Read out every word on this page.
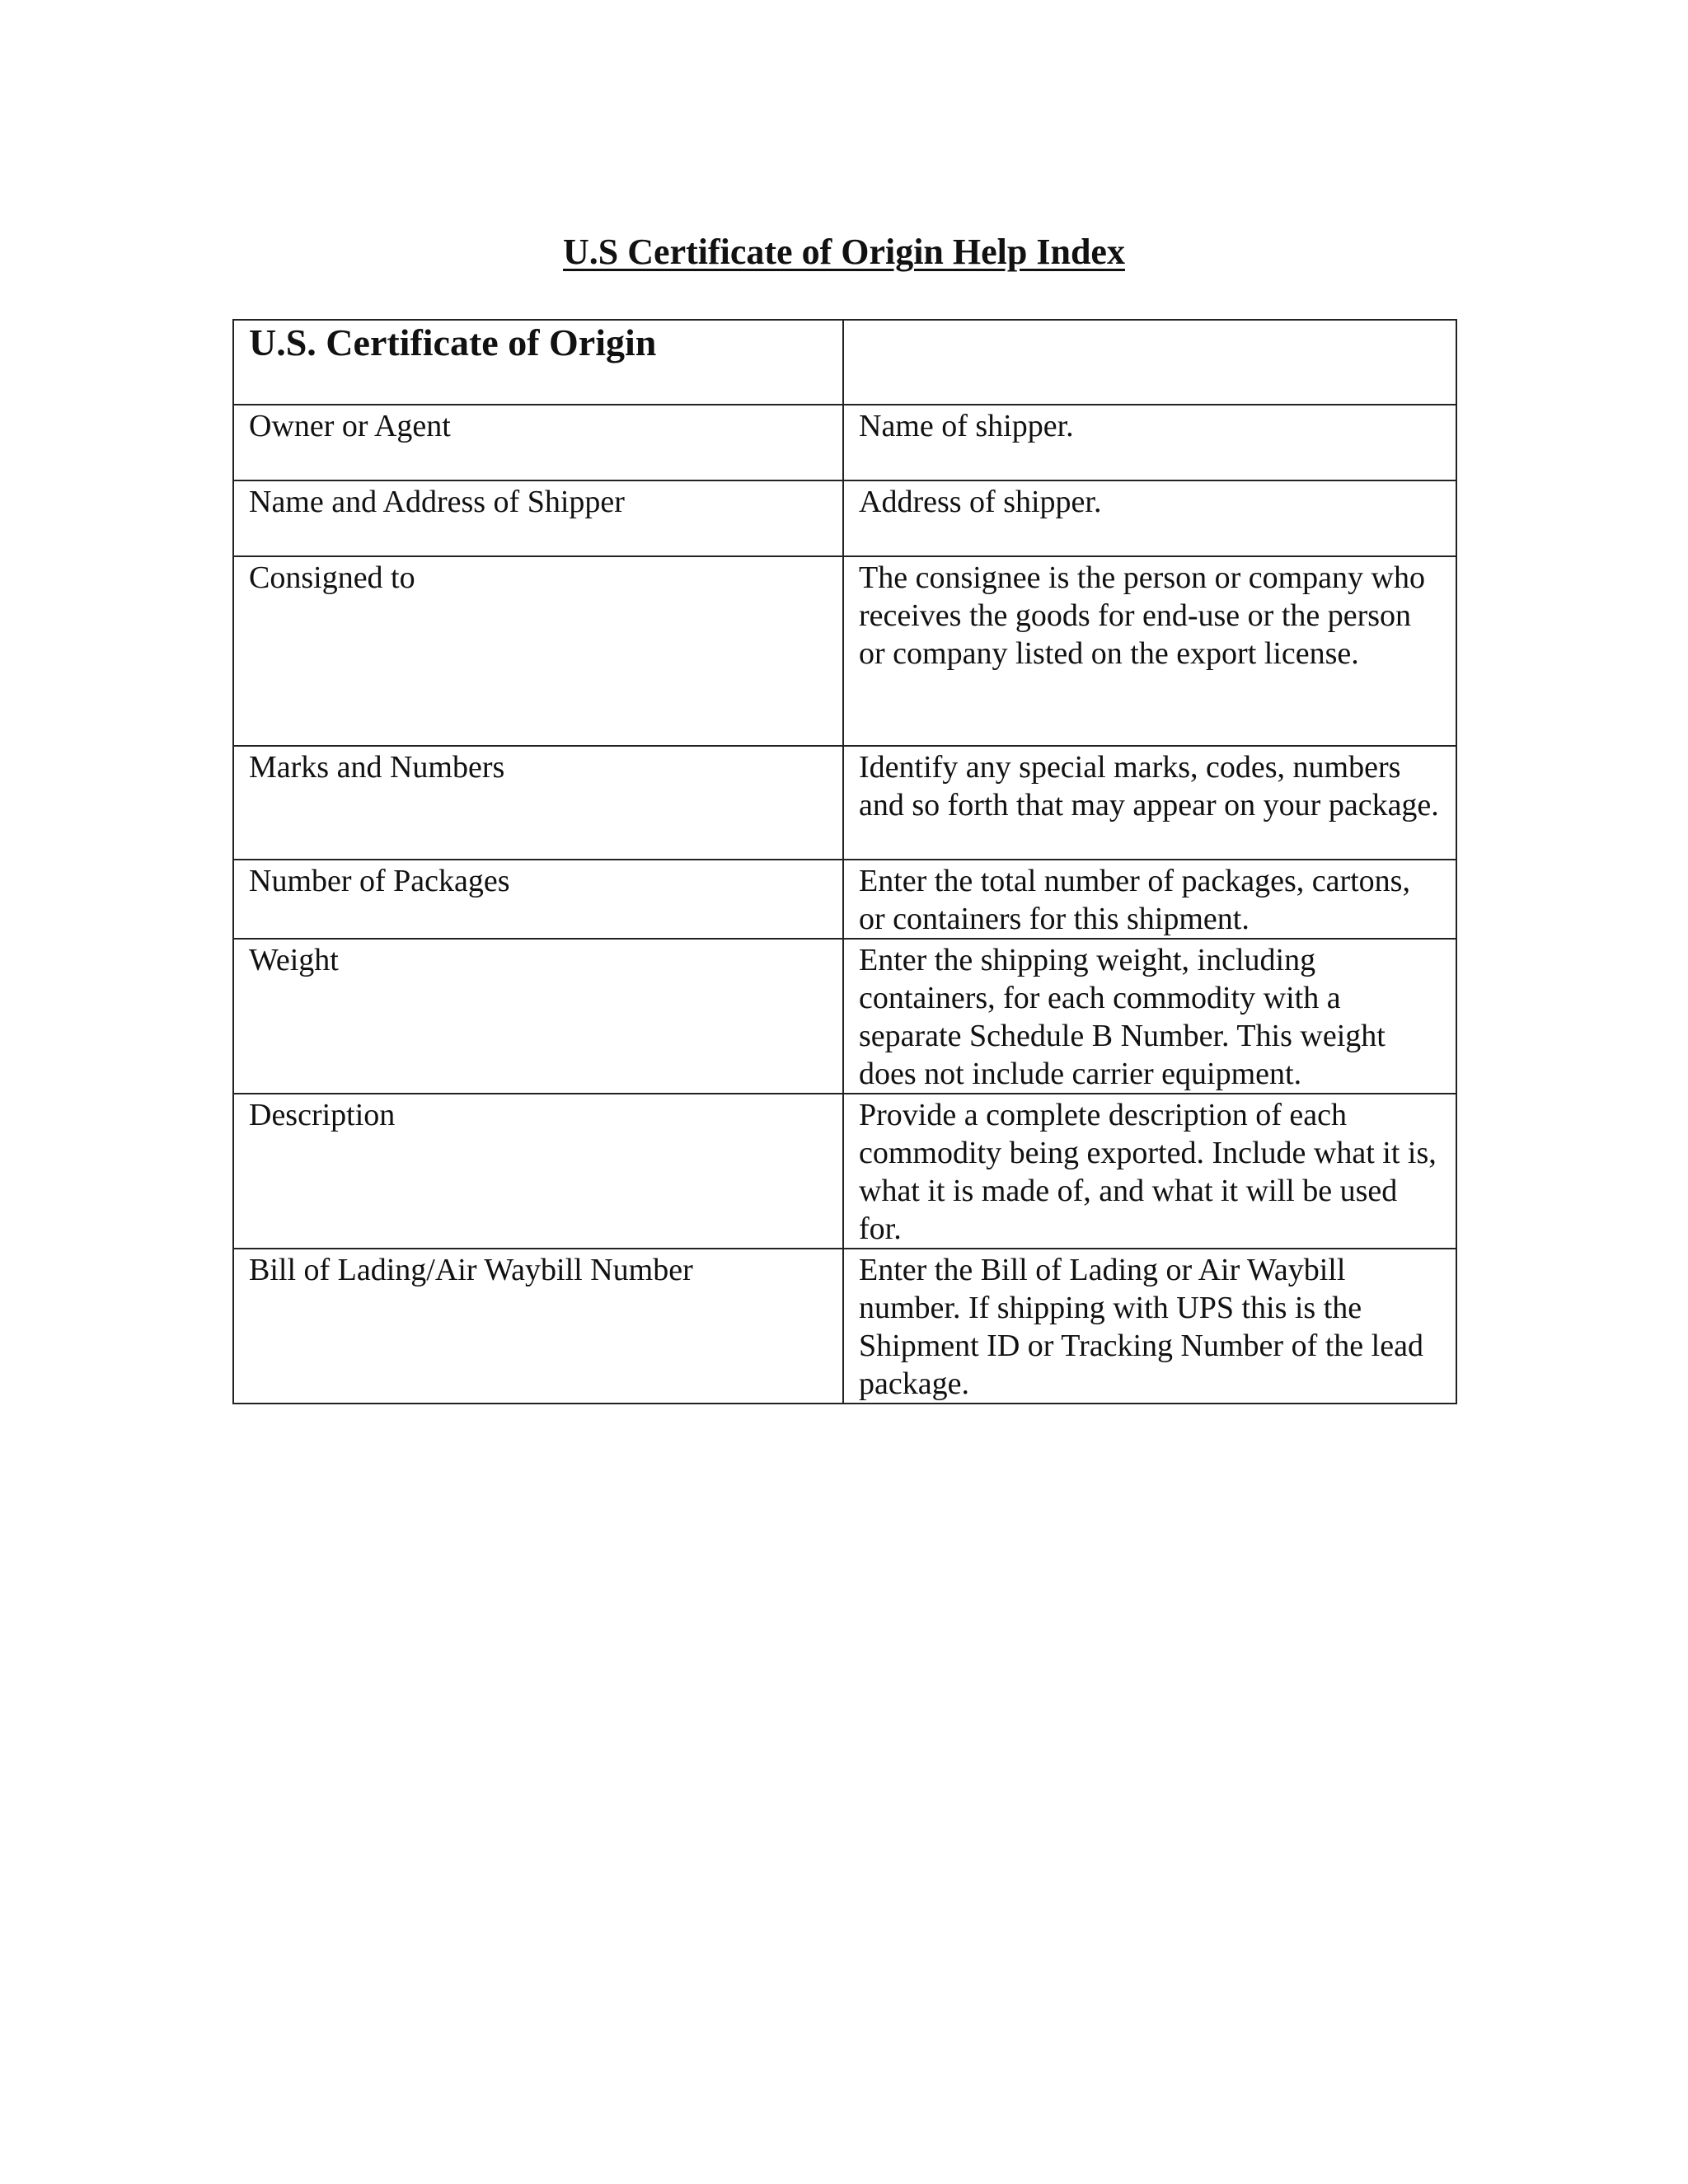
U.S Certificate of Origin Help Index
U.S. Certificate of Origin	
Owner or Agent	Name of shipper.
Name and Address of Shipper	Address of shipper.
Consigned to	The consignee is the person or company who receives the goods for end-use or the person or company listed on the export license.
Marks and Numbers	Identify any special marks, codes, numbers and so forth that may appear on your package.
Number of Packages	Enter the total number of packages, cartons, or containers for this shipment.
Weight	Enter the shipping weight, including containers, for each commodity with a separate Schedule B Number. This weight does not include carrier equipment.
Description	Provide a complete description of each commodity being exported. Include what it is, what it is made of, and what it will be used for.
Bill of Lading/Air Waybill Number	Enter the Bill of Lading or Air Waybill number. If shipping with UPS this is the Shipment ID or Tracking Number of the lead package.
